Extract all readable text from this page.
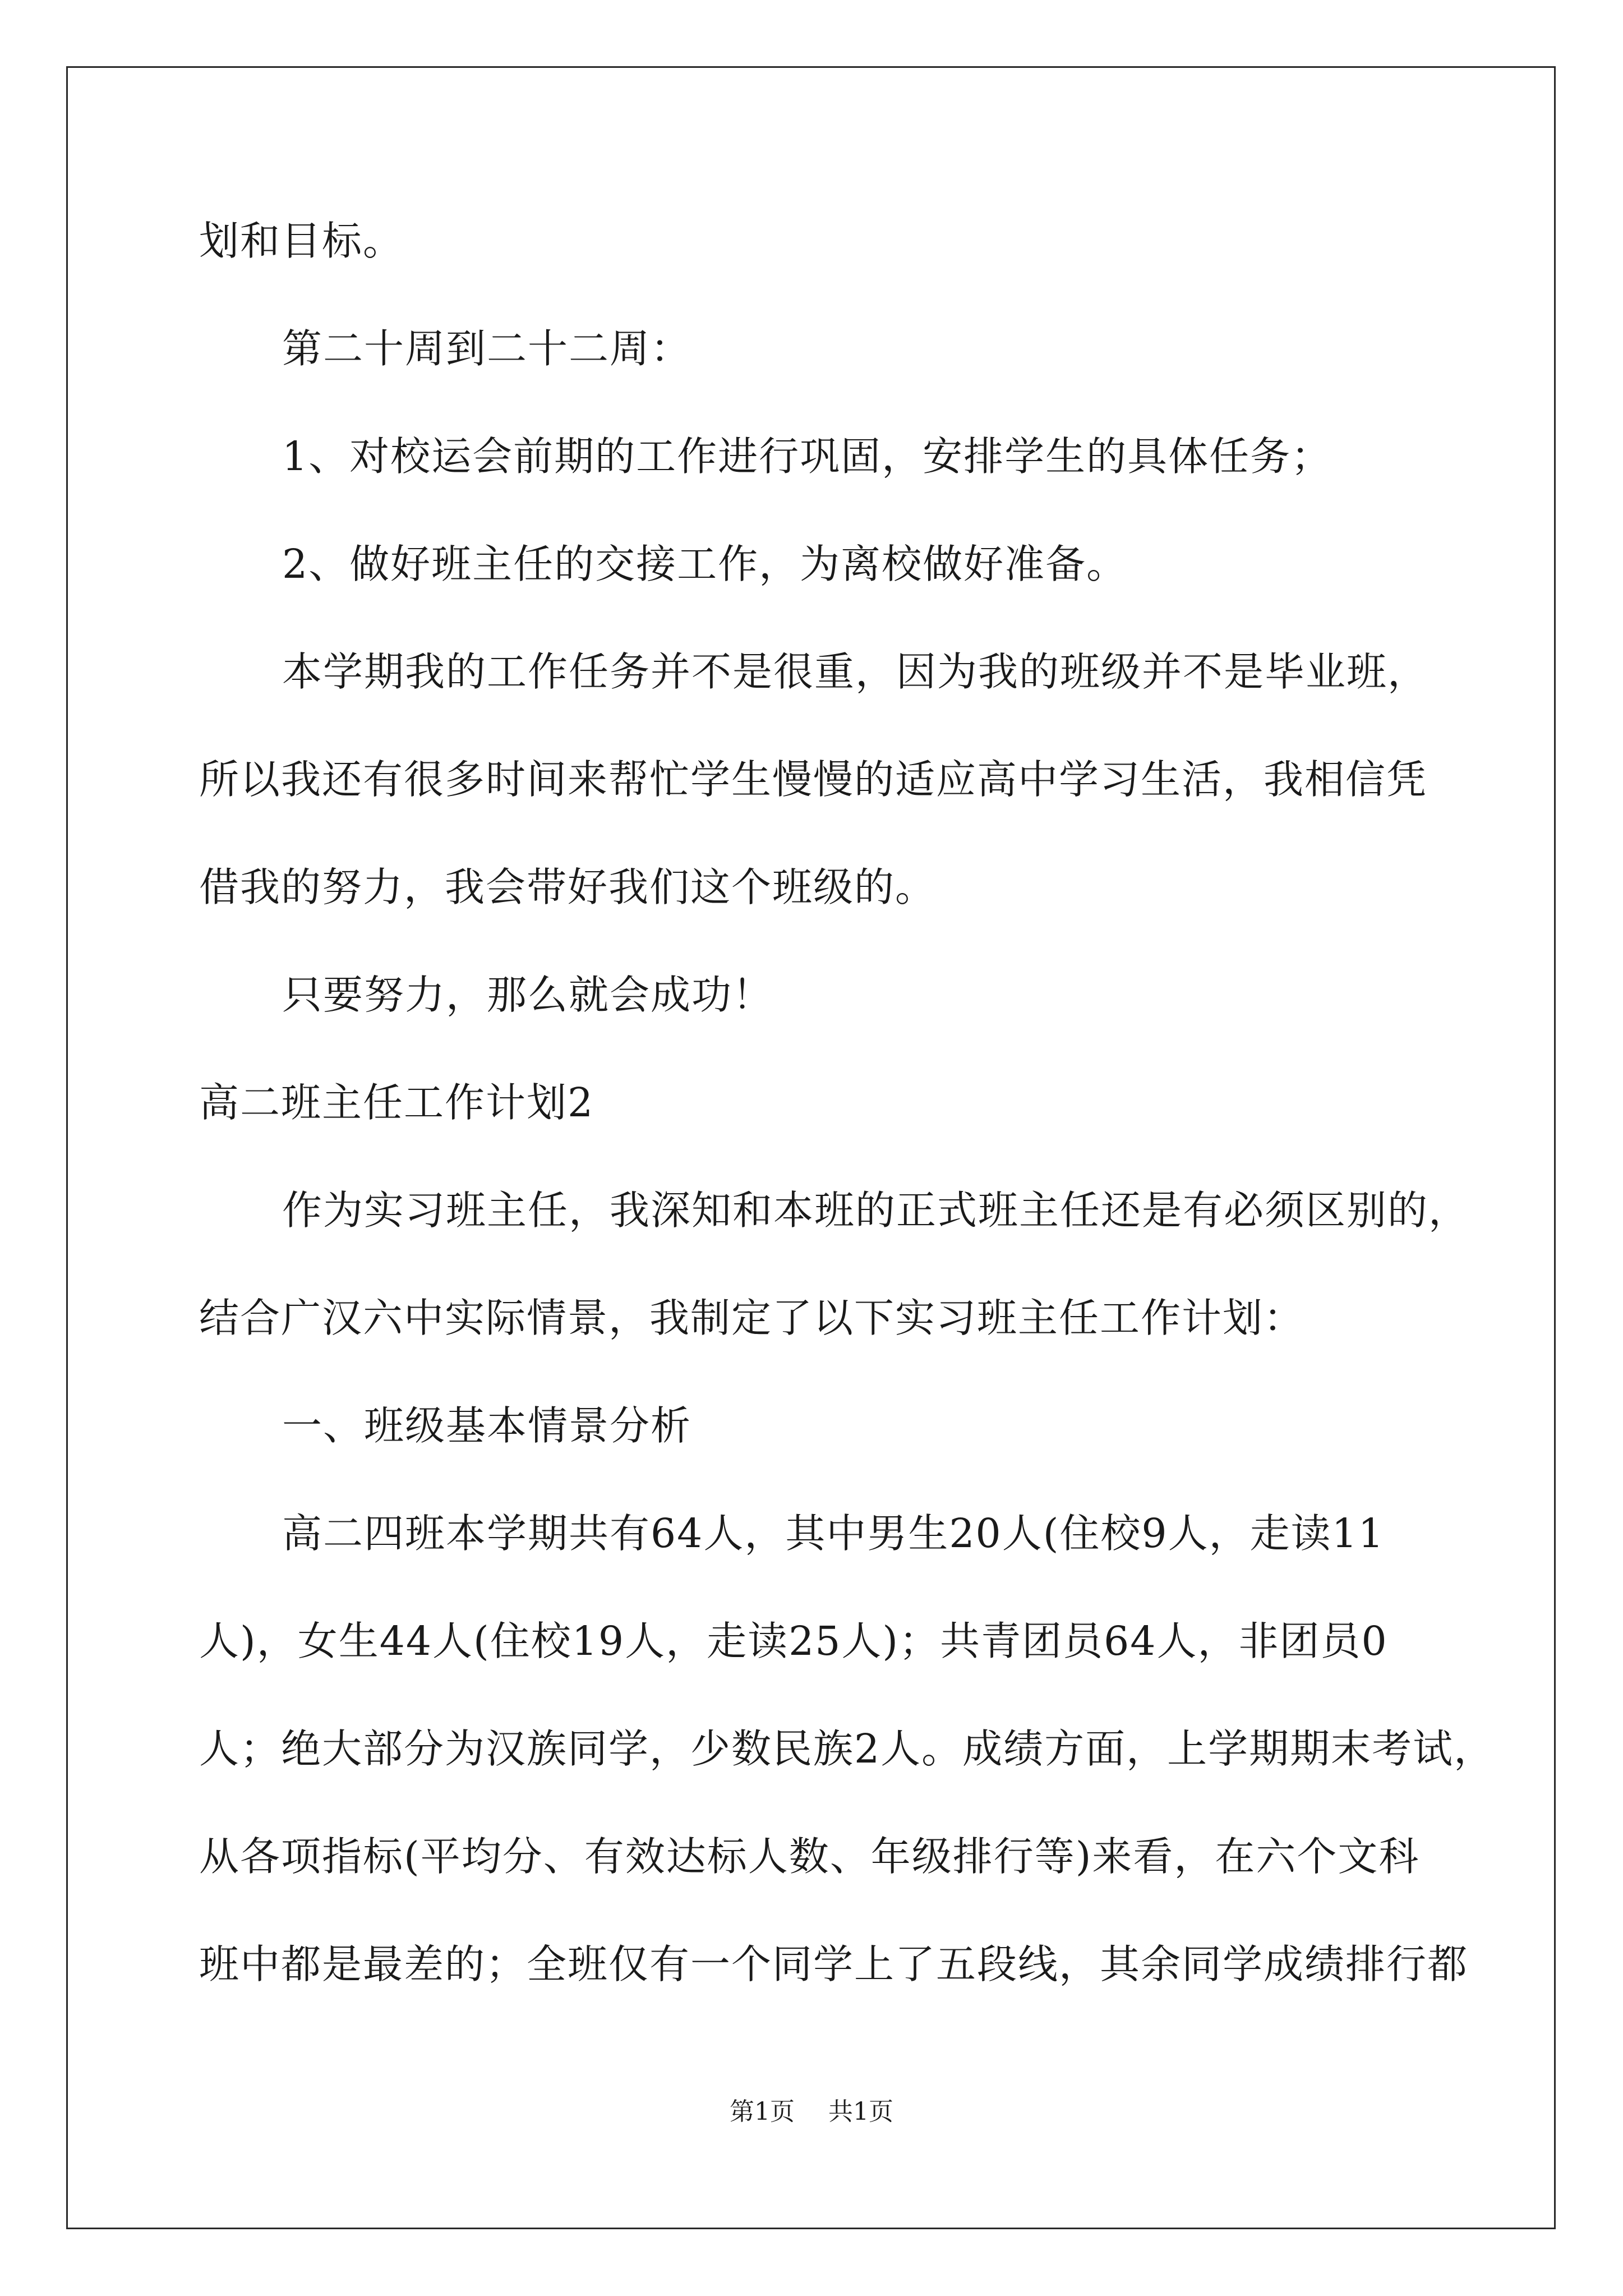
划和目标。
第二十周到二十二周：
1、对校运会前期的工作进行巩固，安排学生的具体任务；
2、做好班主任的交接工作，为离校做好准备。
本学期我的工作任务并不是很重，因为我的班级并不是毕业班，
所以我还有很多时间来帮忙学生慢慢的适应高中学习生活，我相信凭
借我的努力，我会带好我们这个班级的。
只要努力，那么就会成功！
高二班主任工作计划2
作为实习班主任，我深知和本班的正式班主任还是有必须区别的，
结合广汉六中实际情景，我制定了以下实习班主任工作计划：
一、班级基本情景分析
高二四班本学期共有64人，其中男生20人(住校9人，走读11
人)，女生44人(住校19人，走读25人)；共青团员64人，非团员0
人；绝大部分为汉族同学，少数民族2人。成绩方面，上学期期末考试，
从各项指标(平均分、有效达标人数、年级排行等)来看，在六个文科
班中都是最差的；全班仅有一个同学上了五段线，其余同学成绩排行都
第1页 共1页
